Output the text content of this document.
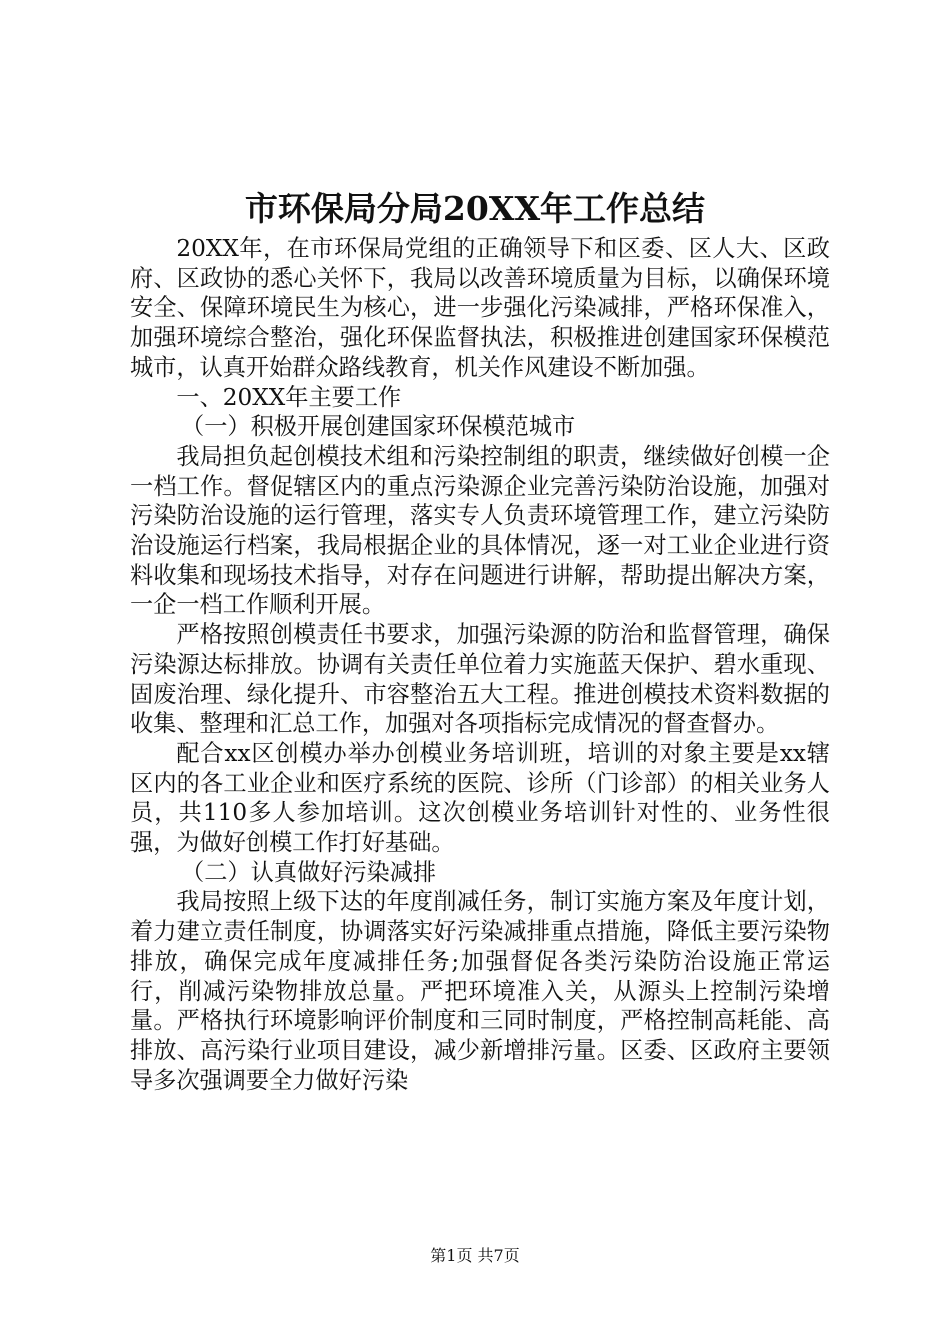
市环保局分局20XX年工作总结

20XX年，在市环保局党组的正确领导下和区委、区人大、区政府、区政协的悉心关怀下，我局以改善环境质量为目标，以确保环境安全、保障环境民生为核心，进一步强化污染减排，严格环保准入，加强环境综合整治，强化环保监督执法，积极推进创建国家环保模范城市，认真开始群众路线教育，机关作风建设不断加强。

一、20XX年主要工作

（一）积极开展创建国家环保模范城市

我局担负起创模技术组和污染控制组的职责，继续做好创模一企一档工作。督促辖区内的重点污染源企业完善污染防治设施，加强对污染防治设施的运行管理，落实专人负责环境管理工作，建立污染防治设施运行档案，我局根据企业的具体情况，逐一对工业企业进行资料收集和现场技术指导，对存在问题进行讲解，帮助提出解决方案，一企一档工作顺利开展。

严格按照创模责任书要求，加强污染源的防治和监督管理，确保污染源达标排放。协调有关责任单位着力实施蓝天保护、碧水重现、固废治理、绿化提升、市容整治五大工程。推进创模技术资料数据的收集、整理和汇总工作，加强对各项指标完成情况的督查督办。

配合xx区创模办举办创模业务培训班，培训的对象主要是xx辖区内的各工业企业和医疗系统的医院、诊所（门诊部）的相关业务人员，共110多人参加培训。这次创模业务培训针对性的、业务性很强，为做好创模工作打好基础。

（二）认真做好污染减排

我局按照上级下达的年度削减任务，制订实施方案及年度计划，着力建立责任制度，协调落实好污染减排重点措施，降低主要污染物排放，确保完成年度减排任务;加强督促各类污染防治设施正常运行，削减污染物排放总量。严把环境准入关，从源头上控制污染增量。严格执行环境影响评价制度和三同时制度，严格控制高耗能、高排放、高污染行业项目建设，减少新增排污量。区委、区政府主要领导多次强调要全力做好污染

第1页 共7页
